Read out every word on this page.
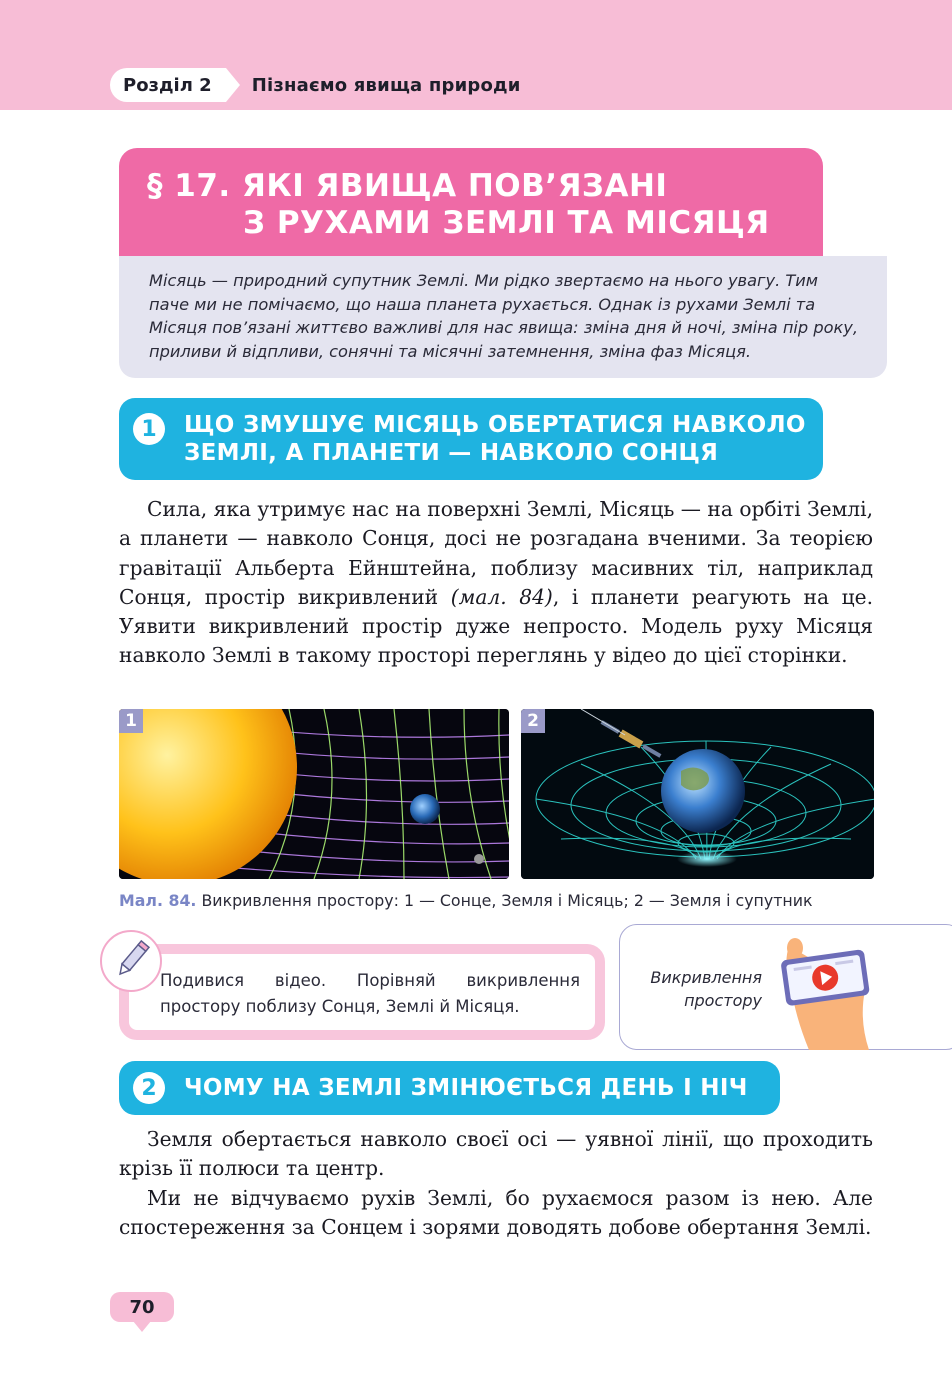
Розділ 2	Пізнаємо явища природи
§ 17. ЯКІ ЯВИЩА ПОВ’ЯЗАНІ
З РУХАМИ ЗЕМЛІ ТА МІСЯЦЯ

Місяць — природний супутник Землі. Ми рідко звертаємо на нього увагу. Тим паче ми не помічаємо, що наша планета рухається. Однак із рухами Землі та Місяця пов’язані життєво важливі для нас явища: зміна дня й ночі, зміна пір року, приливи й відпливи, сонячні та місячні затемнення, зміна фаз Місяця.

1	ЩО ЗМУШУЄ МІСЯЦЬ ОБЕРТАТИСЯ НАВКОЛО
ЗЕМЛІ, А ПЛАНЕТИ — НАВКОЛО СОНЦЯ

Сила, яка утримує нас на поверхні Землі, Місяць — на орбіті Землі, а планети — навколо Сонця, досі не розгадана вченими. За теорією гравітації Альберта Ейнштейна, поблизу масивних тіл, наприклад Сонця, простір викривлений (мал. 84), і планети реагують на це. Уявити викривлений простір дуже непросто. Модель руху Місяця навколо Землі в такому просторі переглянь у відео до цієї сторінки.

1	2
Мал. 84. Викривлення простору: 1 — Сонце, Земля і Місяць; 2 — Земля і супутник
Подивися відео. Порівняй викривлення простору поблизу Сонця, Землі й Місяця.
Викривлення простору
2	ЧОМУ НА ЗЕМЛІ ЗМІНЮЄТЬСЯ ДЕНЬ І НІЧ

Земля обертається навколо своєї осі — уявної лінії, що проходить крізь її полюси та центр.

Ми не відчуваємо рухів Землі, бо рухаємося разом із нею. Але спостереження за Сонцем і зорями доводять добове обертання Землі.

70
